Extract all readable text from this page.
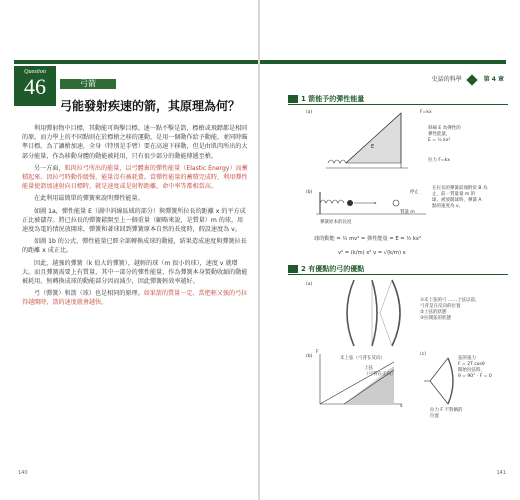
Question
46	弓箭
弓能發射疾速的箭，其原理為何？

利用彈射物中目標，其動能可夠擊目標。速一點不擊是箭，標槍或飛鏢都是相同的原。而力學上的不同點則在於標槍之移的運動，是用一個動作給予動能，並同時瞄準目標。為了讓槍加速，全身（特別是手臂）要在高速下移動，但是由肌肉所出的大部分能量，作為移動身體的動能被耗用，只有很少部分的動能傳遞至槍。

另一方面，肌肉拉弓所出的能量，以弓體裏的彈性能量（Elastic Energy）而蓄積起來。因拉弓時動作緩慢，能量沒有被耗費。當彈性能量的蓄積完成時，利用彈性能量使箭加速射向目標時，就是速度或是射程距離，命中率等都相當高。

在此利用最簡單的彈簧來說明彈性能量。

如圖 1a，彈性能量 E（圖中斜線區域的部分）與彈簧所拉長的距離 x 的平方成正比被儲存。將已拉長的彈簧鬆開至上一個重量（顧略來說，是質量）m 的球，用速度為電的情況放開球，彈簧和著球回到彈簧原本自然的長度時，假設速度為 v。

如圖 1b 的公式，彈性能量已經全部轉換成球的動能，結果造成速度與彈簧拉長的距離 x 成正比。

因此，越強的彈簧（k 值大的彈簧），越輕的球（m 很小的球），速度 v 就增大。而且彈簧需要上有質量，其中一部分的彈性能量，作為彈簧本身製動收縮的動能被耗用，無轉換成球的動能部分因而減少，因此彈簧輕效率越好。

弓（彈簧）和箭（球）也是相同的原理。如果箭的質量一定，當把輕又強的弓拉得越開時，箭的速度就會越快。

140
史話的科學	第 4 章
1 箭能予的彈性能量
(a)
E
F=kx
斜線 E 為彈性的
彈性能量，
E = ½ kx²
拉力 F=kx
(b)	停止
質量 m
在拉長的彈簧前端附於 B 為
止，前一質量量 m 的
球，被放開球時，彈簧 A
點的速度為 v。
彈簧原本的長度
球的動能 = ½ mv² = 彈性能量 = E = ½ kx²
v² = (k/m) x² v = √(k/m) x
2 有優點的弓的優點
(a)
①未上弦的弓 ……上弦以前，
弓背是在反向的位置
②上弦的狀態
③拉開弦的狀態
(b)
F
x
未上弦（弓背在反向）
上弦
（弓背在正向）
(c)
弦的張力
F = 2T cosθ
開始拉弦時，
θ = 90° · F = 0
拉力 F 不對稱的
位置
141
